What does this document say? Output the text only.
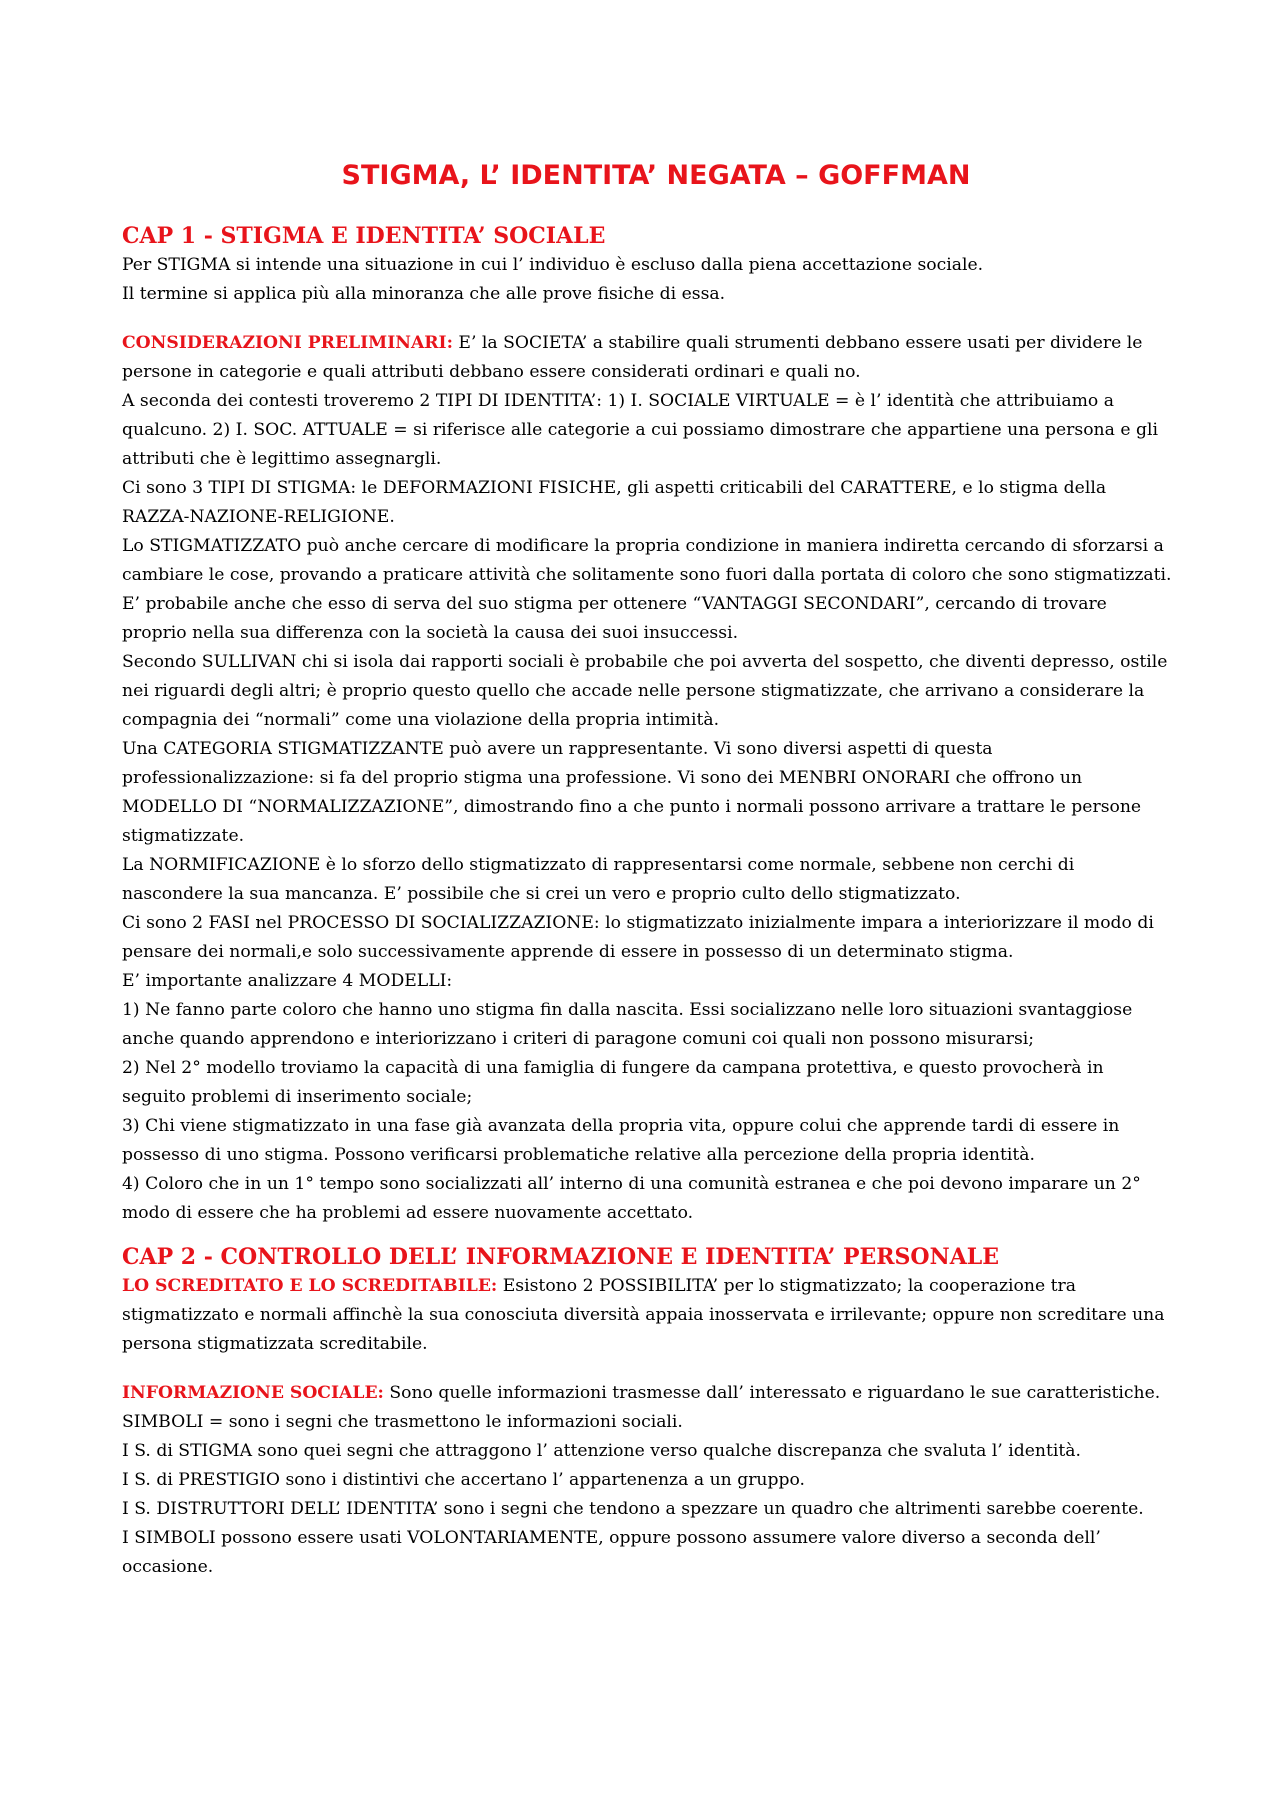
STIGMA, L’ IDENTITA’ NEGATA – GOFFMAN
CAP 1 - STIGMA E IDENTITA’ SOCIALE

Per STIGMA si intende una situazione in cui l’ individuo è escluso dalla piena accettazione sociale.

Il termine si applica più alla minoranza che alle prove fisiche di essa.

CONSIDERAZIONI PRELIMINARI: E’ la SOCIETA’ a stabilire quali strumenti debbano essere usati per dividere le persone in categorie e quali attributi debbano essere considerati ordinari e quali no.

A seconda dei contesti troveremo 2 TIPI DI IDENTITA’: 1) I. SOCIALE VIRTUALE = è l’ identità che attribuiamo a qualcuno. 2) I. SOC. ATTUALE = si riferisce alle categorie a cui possiamo dimostrare che appartiene una persona e gli attributi che è legittimo assegnargli.

Ci sono 3 TIPI DI STIGMA: le DEFORMAZIONI FISICHE, gli aspetti criticabili del CARATTERE, e lo stigma della RAZZA-NAZIONE-RELIGIONE.

Lo STIGMATIZZATO può anche cercare di modificare la propria condizione in maniera indiretta cercando di sforzarsi a cambiare le cose, provando a praticare attività che solitamente sono fuori dalla portata di coloro che sono stigmatizzati. E’ probabile anche che esso di serva del suo stigma per ottenere “VANTAGGI SECONDARI”, cercando di trovare proprio nella sua differenza con la società la causa dei suoi insuccessi.

Secondo SULLIVAN chi si isola dai rapporti sociali è probabile che poi avverta del sospetto, che diventi depresso, ostile nei riguardi degli altri; è proprio questo quello che accade nelle persone stigmatizzate, che arrivano a considerare la compagnia dei “normali” come una violazione della propria intimità.

Una CATEGORIA STIGMATIZZANTE può avere un rappresentante. Vi sono diversi aspetti di questa professionalizzazione: si fa del proprio stigma una professione. Vi sono dei MENBRI ONORARI che offrono un MODELLO DI “NORMALIZZAZIONE”, dimostrando fino a che punto i normali possono arrivare a trattare le persone stigmatizzate.

La NORMIFICAZIONE è lo sforzo dello stigmatizzato di rappresentarsi come normale, sebbene non cerchi di nascondere la sua mancanza. E’ possibile che si crei un vero e proprio culto dello stigmatizzato.

Ci sono 2 FASI nel PROCESSO DI SOCIALIZZAZIONE: lo stigmatizzato inizialmente impara a interiorizzare il modo di pensare dei normali,e solo successivamente apprende di essere in possesso di un determinato stigma.

E’ importante analizzare 4 MODELLI:

1) Ne fanno parte coloro che hanno uno stigma fin dalla nascita. Essi socializzano nelle loro situazioni svantaggiose anche quando apprendono e interiorizzano i criteri di paragone comuni coi quali non possono misurarsi;

2) Nel 2° modello troviamo la capacità di una famiglia di fungere da campana protettiva, e questo provocherà in seguito problemi di inserimento sociale;

3) Chi viene stigmatizzato in una fase già avanzata della propria vita, oppure colui che apprende tardi di essere in possesso di uno stigma. Possono verificarsi problematiche relative alla percezione della propria identità.

4) Coloro che in un 1° tempo sono socializzati all’ interno di una comunità estranea e che poi devono imparare un 2° modo di essere che ha problemi ad essere nuovamente accettato.

CAP 2 - CONTROLLO DELL’ INFORMAZIONE E IDENTITA’ PERSONALE

LO SCREDITATO E LO SCREDITABILE: Esistono 2 POSSIBILITA’ per lo stigmatizzato; la cooperazione tra stigmatizzato e normali affinchè la sua conosciuta diversità appaia inosservata e irrilevante; oppure non screditare una persona stigmatizzata screditabile.

INFORMAZIONE SOCIALE: Sono quelle informazioni trasmesse dall’ interessato e riguardano le sue caratteristiche.

SIMBOLI = sono i segni che trasmettono le informazioni sociali.

I S. di STIGMA sono quei segni che attraggono l’ attenzione verso qualche discrepanza che svaluta l’ identità.

I S. di PRESTIGIO sono i distintivi che accertano l’ appartenenza a un gruppo.

I S. DISTRUTTORI DELL’ IDENTITA’ sono i segni che tendono a spezzare un quadro che altrimenti sarebbe coerente.

I SIMBOLI possono essere usati VOLONTARIAMENTE, oppure possono assumere valore diverso a seconda dell’ occasione.
